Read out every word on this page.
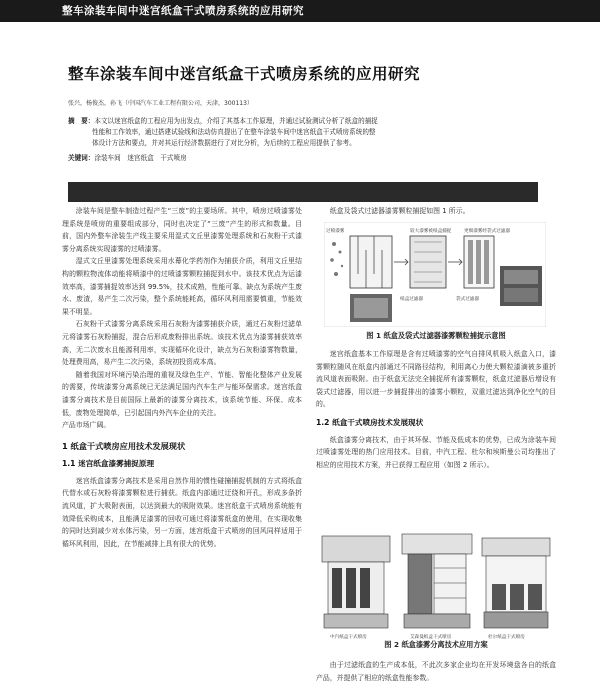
整车涂装车间中迷宫纸盒干式喷房系统的应用研究
整车涂装车间中迷宫纸盒干式喷房系统的应用研究
张兴，杨俊杰，孙飞（中国汽车工业工程有限公司，天津，300113）
摘　要：本文以迷宫纸盒的工程应用为出发点，介绍了其基本工作原理，并通过试验测试分析了纸盒的捕捉
性能和工作效率，通过搭建试验线和法动仿真提出了在整车涂装车间中迷宫纸盒干式喷房系统的整
体设计方法和要点，并对其运行经济数据进行了对比分析，为后续的工程应用提供了参考。
关键词：涂装车间　迷宫纸盒　干式喷房

涂装车间是整车制造过程产生“三废”的主要场所。其中，喷房过喷漆雾处理系统是喷房的重要组成部分，同时也决定了“三废”产生的形式和数量。目前，国内外整车涂装生产线主要采用湿式文丘里漆雾处理系统和石灰粉干式漆雾分离系统实现漆雾的过喷漆雾。

湿式文丘里漆雾处理系统采用水幕化学药剂作为捕获介质，利用文丘里结构的颗粒物流体动能将喷漆中的过喷漆雾颗粒捕捉到水中。该技术优点为运漆效率高，漆雾捕捉效率达到 99.5%，技术成熟，性能可靠。缺点为系统产生废水、废渣，易产生二次污染，整个系统能耗高，循环风利用需要慎重，节能效果不明显。

石灰粉干式漆雾分离系统采用石灰粉为漆雾捕获介质，通过石灰粉过滤单元将漆雾石灰粉捕捉，混合后形成废粉排出系统。该技术优点为漆雾捕获效率高，无二次废水且能源利用率，实现循环化设计，缺点为石灰粉漆雾物数量，处理费用高，易产生二次污染，系统初投资成本高。

随着我国对环境污染治理的重视及绿色生产、节能、智能化整体产业发展的需要，传统漆雾分离系统已无法满足国内汽车生产与能环保需求。迷宫纸盒漆雾分离技术是目前国际上最新的漆雾分离技术，该系统节能、环保、成本低，废物处理简单，已引起国内外汽车企业的关注。

产品市场广阔。

1 纸盒干式喷房应用技术发展现状
1.1 迷宫纸盒漆雾捕捉原理

迷宫纸盒漆雾分离技术是采用自然作用的惯性碰撞捕捉机制的方式将纸盒代替水或石灰粉将漆雾颗粒进行捕获。纸盒内部通过迂绕和开孔，形成多条折流风道，扩大吸附表面，以达到最大的吸附效果。迷宫纸盒干式喷房系统能有效降低采购成本，且能满足漆雾的回收可通过将漆雾纸盒的使用，在实现收集的同时达到减少对水体污染，另一方面，迷宫纸盒干式喷房的回风同样适用于循环风利用，因此，在节能减排上具有很大的优势。

纸盒及袋式过滤器漆雾颗粒捕捉如图 1 所示。

过喷漆雾	较大漆雾被纸盒捕捉	更细漆雾经袋式过滤器
纸盒过滤器	袋式过滤器
图 1 纸盒及袋式过滤器漆雾颗粒捕捉示意图

迷宫纸盒基本工作原理是含有过喷漆雾的空气自排风机吸入纸盒入口，漆雾颗粒随风在纸盒内部通过不同路径结构，利用离心力使大颗粒漆滴被多重折流风道表面吸附。由于纸盒无法完全捕捉所有漆雾颗粒，纸盒过滤器后增设有袋式过滤器，用以进一步捕捉排出的漆雾小颗粒，双重过滤达到净化空气的目的。

1.2 纸盒干式喷房技术发展现状

纸盒漆雾分离技术，由于其环保、节能及低成本的优势，已成为涂装车间过喷漆雾处理的热门应用技术。目前，中汽工程、杜尔和埃斯曼公司均推出了相应的应用技术方案，并已获得工程应用（如图 2 所示）。

中汽纸盒干式喷房	艾森曼纸盒干式喷房	杜尔纸盒干式喷房
图 2 纸盒漆雾分离技术应用方案

由于过滤纸盒的生产成本低，不此次多家企业均在开发环境盘各自的纸盒产品，并提供了相应的纸盒性能参数。
